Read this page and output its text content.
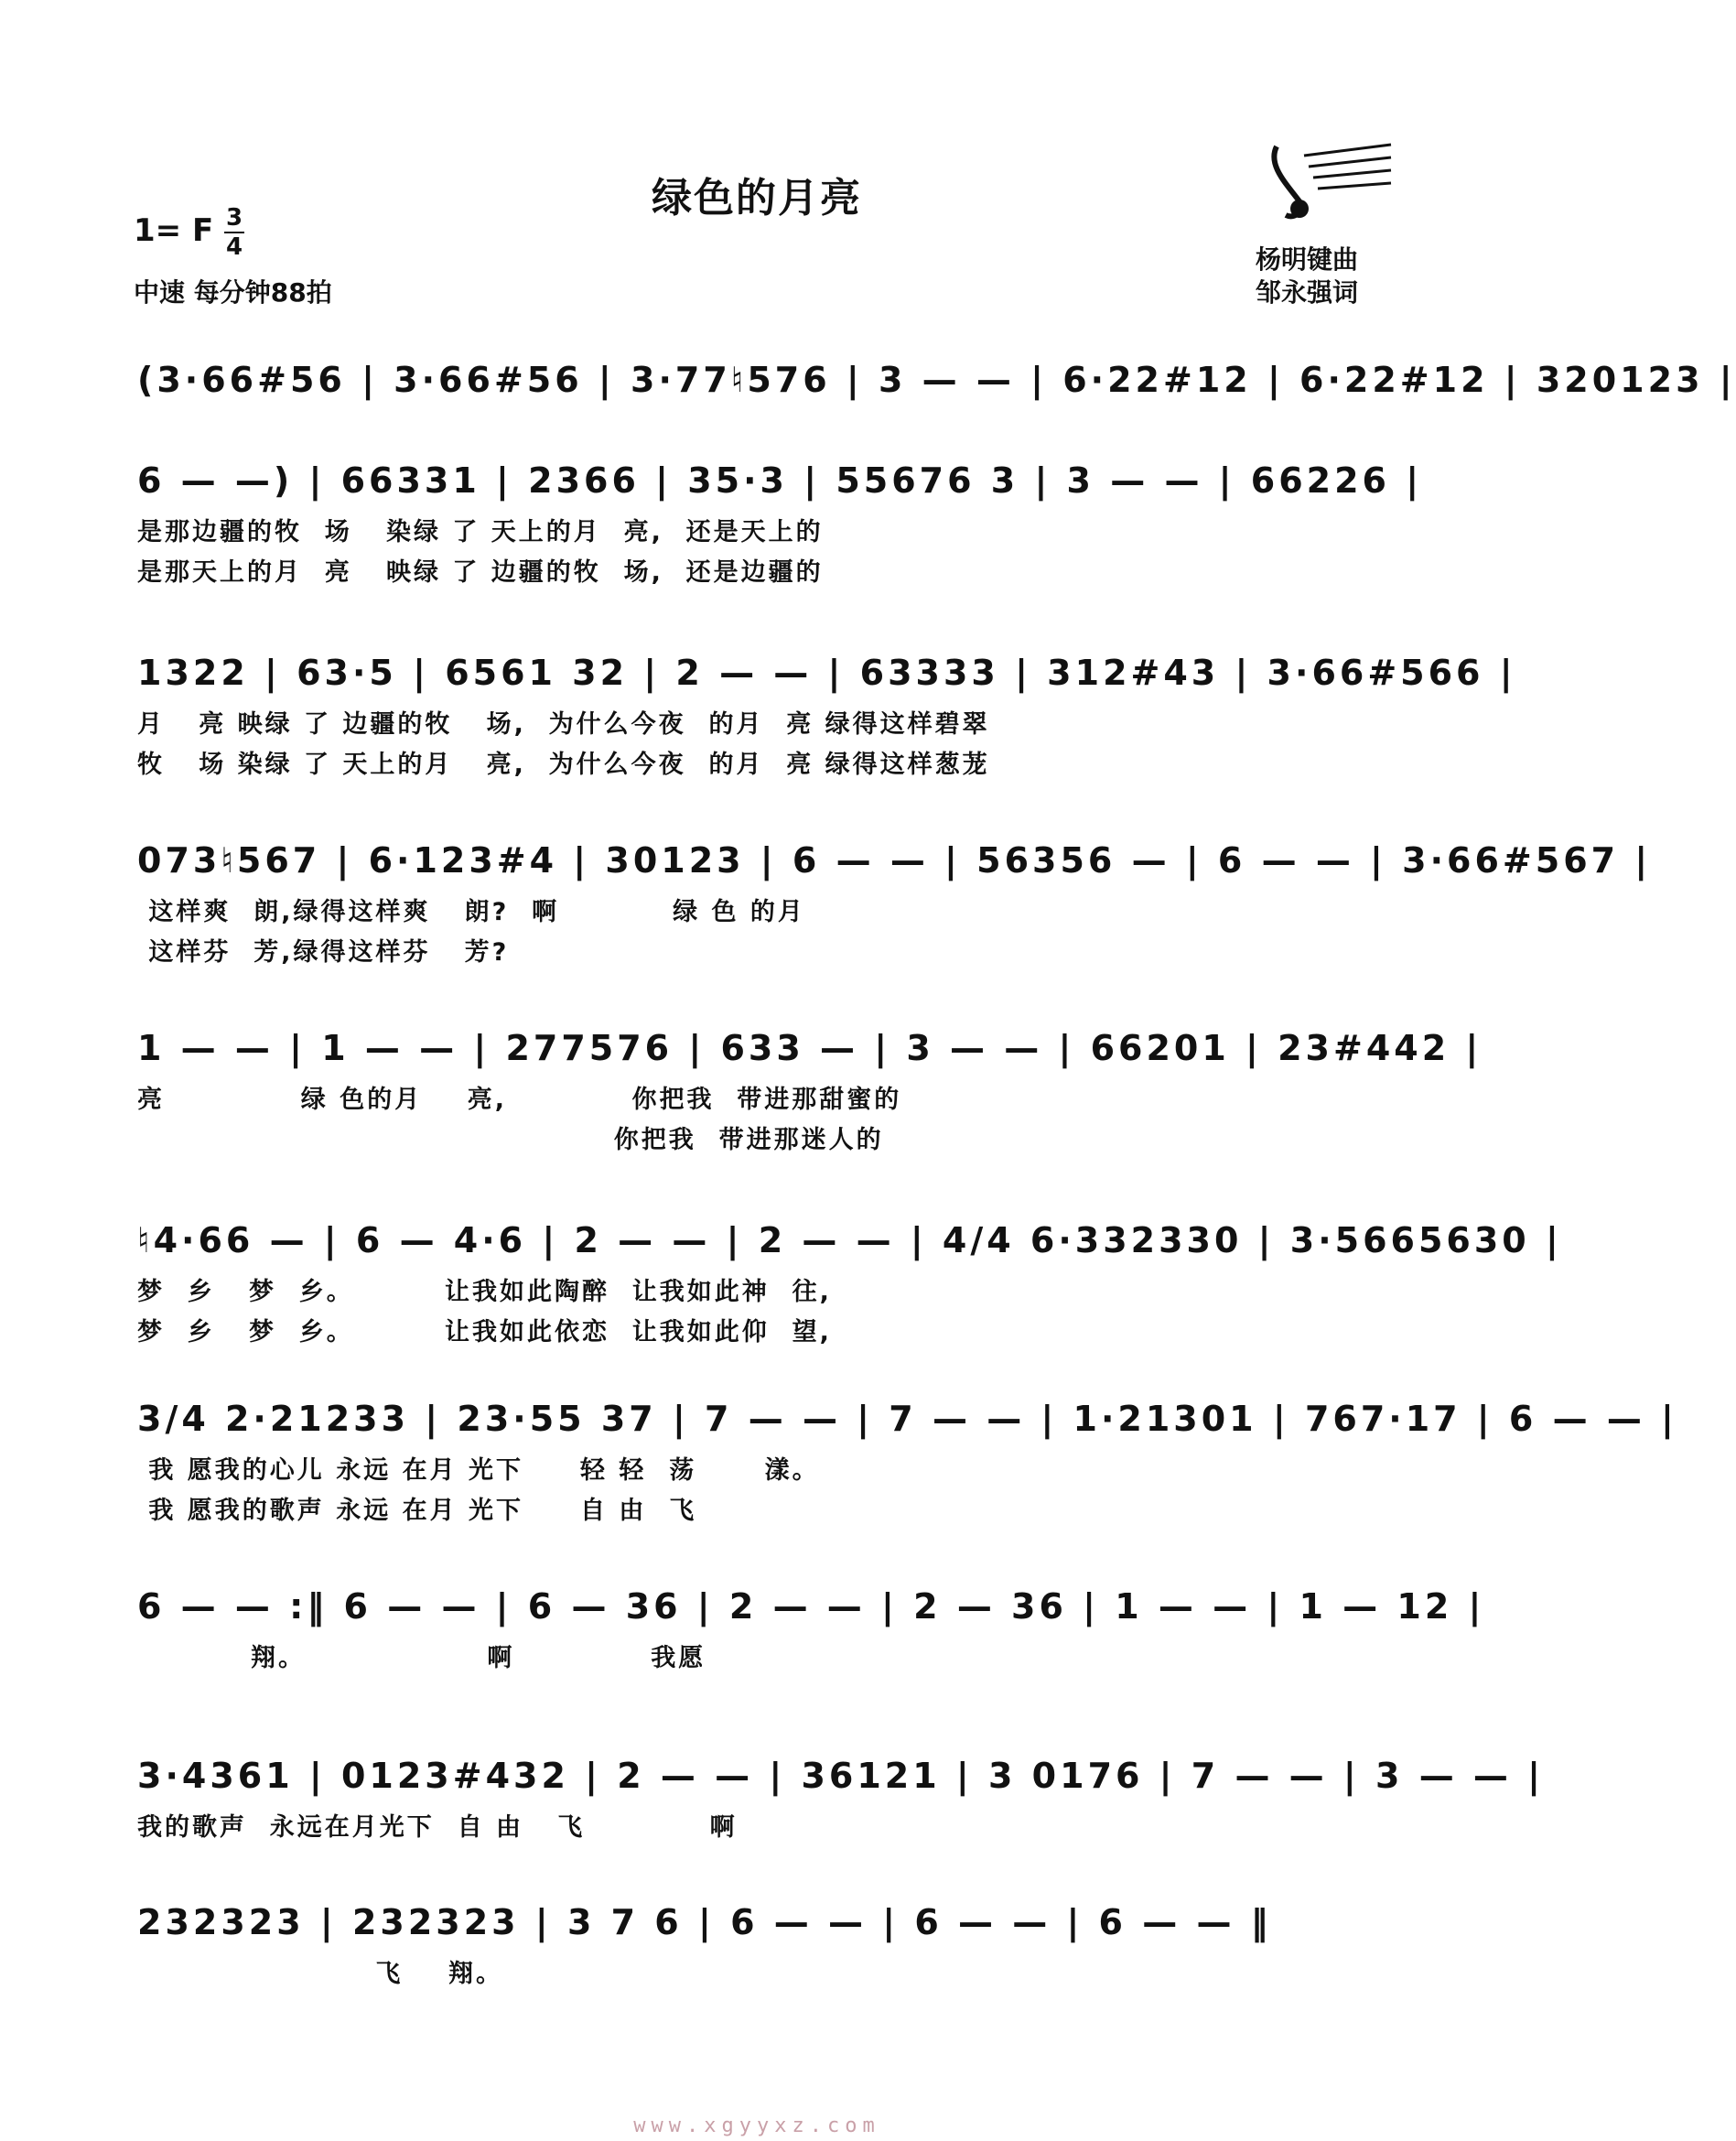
绿色的月亮
1= F 3
4
中速 每分钟88拍
杨明键曲
邹永强词
(3·66#56 | 3·66#56 | 3·77♮576 | 3 — — | 6·22#12 | 6·22#12 | 320123 |
6 — —) | 66331 | 2366 | 35·3 | 55676 3 | 3 — — | 66226 |
是那边疆的牧  场   染绿 了 天上的月  亮,  还是天上的
是那天上的月  亮   映绿 了 边疆的牧  场,  还是边疆的
1322 | 63·5 | 6561 32 | 2 — — | 63333 | 312#43 | 3·66#566 |
月   亮 映绿 了 边疆的牧   场,  为什么今夜  的月  亮 绿得这样碧翠
牧   场 染绿 了 天上的月   亮,  为什么今夜  的月  亮 绿得这样葱茏
073♮567 | 6·123#4 | 30123 | 6 — — | 56356 — | 6 — — | 3·66#567 |
这样爽  朗,绿得这样爽   朗?  啊          绿 色 的月
这样芬  芳,绿得这样芬   芳?
1 — — | 1 — — | 277576 | 633 — | 3 — — | 66201 | 23#442 |
亮            绿 色的月    亮,           你把我  带进那甜蜜的
你把我  带进那迷人的
♮4·66 — | 6 — 4·6 | 2 — — | 2 — — | 4/4 6·332330 | 3·5665630 |
梦  乡   梦  乡。        让我如此陶醉  让我如此神  往,
梦  乡   梦  乡。        让我如此依恋  让我如此仰  望,
3/4 2·21233 | 23·55 37 | 7 — — | 7 — — | 1·21301 | 767·17 | 6 — — |
我 愿我的心儿 永远 在月 光下     轻 轻  荡      漾。
我 愿我的歌声 永远 在月 光下     自 由  飞
6 — — :‖ 6 — — | 6 — 36 | 2 — — | 2 — 36 | 1 — — | 1 — 12 |
翔。                啊            我愿
3·4361 | 0123#432 | 2 — — | 36121 | 3 0176 | 7 — — | 3 — — |
我的歌声  永远在月光下  自 由   飞           啊
232323 | 232323 | 3 7 6 | 6 — — | 6 — — | 6 — — ‖
飞    翔。
www.xgyyxz.com
